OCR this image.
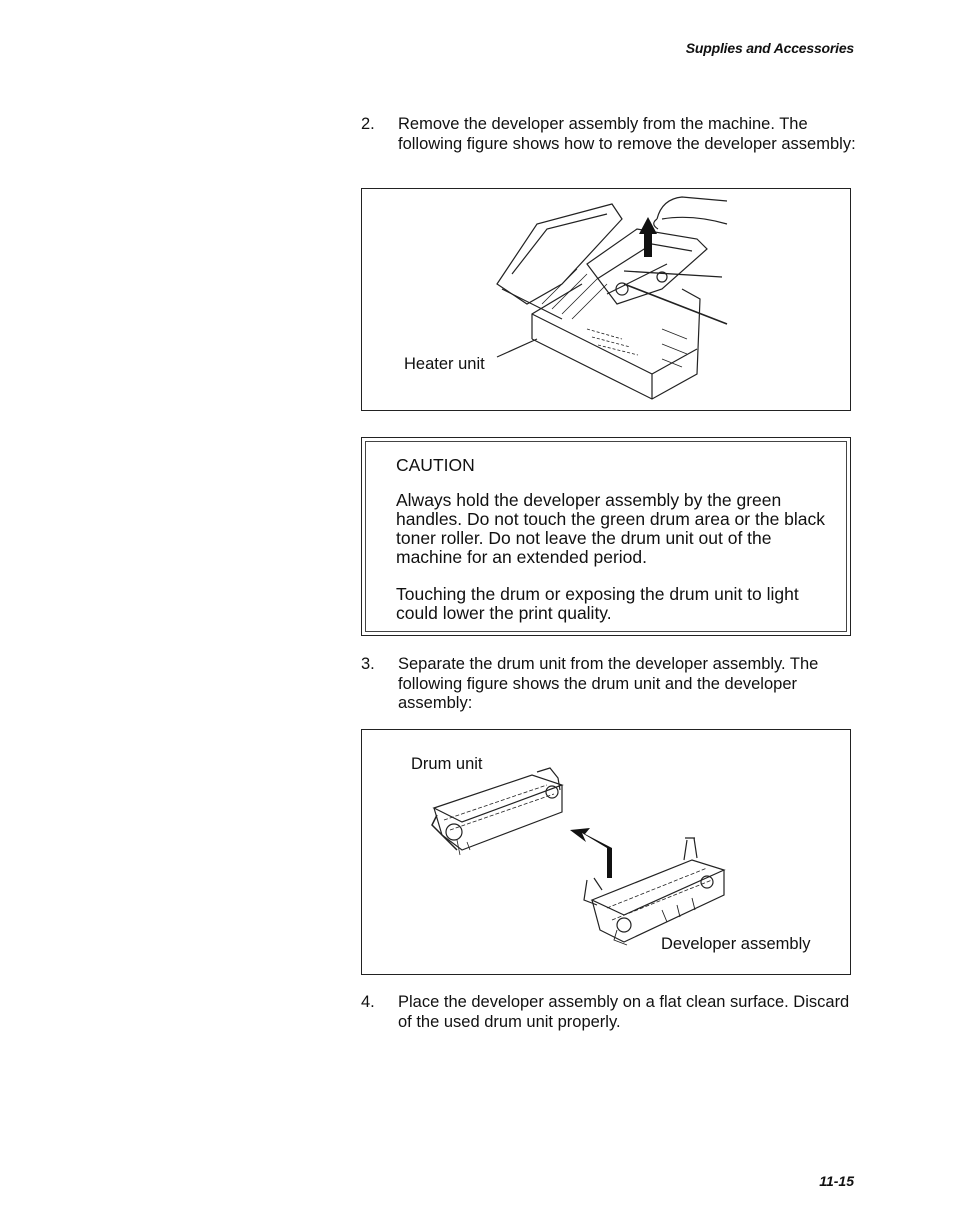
Supplies and Accessories
2. Remove the developer assembly from the machine. The following figure shows how to remove the developer assembly:
Heater unit
CAUTION
Always hold the developer assembly by the green handles. Do not touch the green drum area or the black toner roller. Do not leave the drum unit out of the machine for an extended period.
Touching the drum or exposing the drum unit to light could lower the print quality.
3. Separate the drum unit from the developer assembly. The following figure shows the drum unit and the developer assembly:
Drum unit
Developer assembly
4. Place the developer assembly on a flat clean surface. Discard of the used drum unit properly.
11-15
